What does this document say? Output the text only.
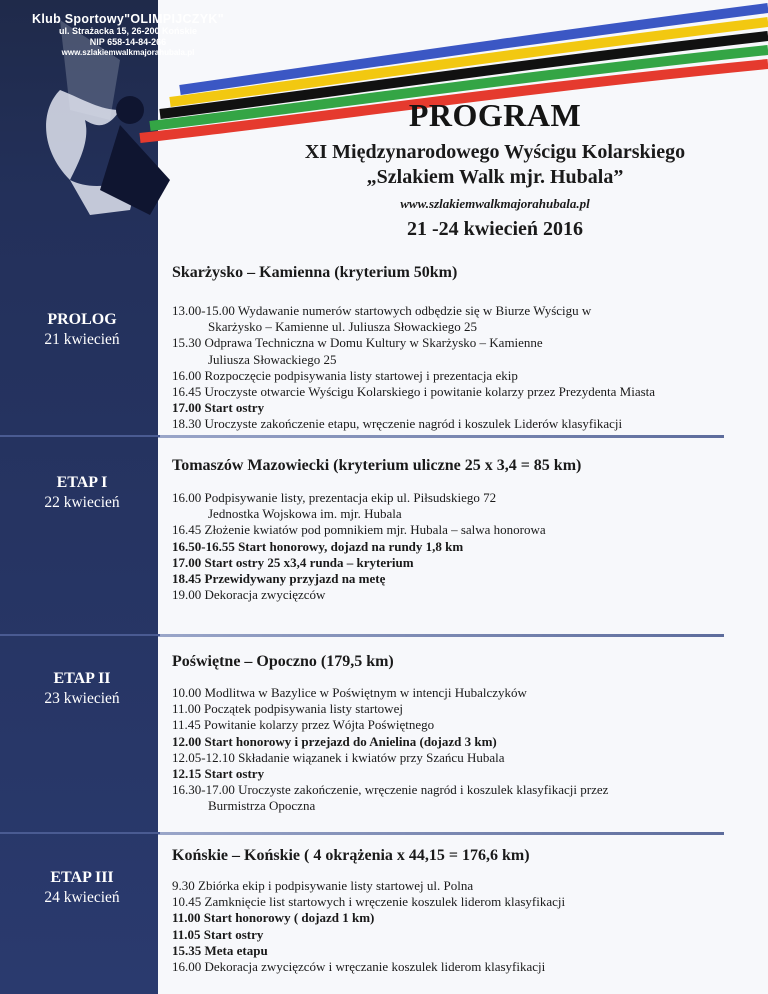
Klub Sportowy"OLIMPIJCZYK"
ul. Strażacka 15, 26-200 Końskie
NIP 658-14-84-266
www.szlakiemwalkmajorahubala.pl
PROGRAM
XI Międzynarodowego Wyścigu Kolarskiego
„Szlakiem Walk mjr. Hubala”
www.szlakiemwalkmajorahubala.pl
21 -24 kwiecień 2016
Skarżysko – Kamienna (kryterium 50km)
PROLOG
21 kwiecień
13.00-15.00 Wydawanie numerów startowych odbędzie się w Biurze Wyścigu w
Skarżysko – Kamienne ul. Juliusza Słowackiego 25
15.30 Odprawa Techniczna w Domu Kultury w Skarżysko – Kamienne
Juliusza Słowackiego 25
16.00 Rozpoczęcie podpisywania listy startowej i prezentacja ekip
16.45 Uroczyste otwarcie Wyścigu Kolarskiego i powitanie kolarzy przez Prezydenta Miasta
17.00 Start ostry
18.30 Uroczyste zakończenie etapu, wręczenie nagród i koszulek Liderów klasyfikacji
Tomaszów Mazowiecki (kryterium uliczne 25 x 3,4 = 85 km)
ETAP I
22 kwiecień	16.00 Podpisywanie listy, prezentacja ekip ul. Piłsudskiego 72
Jednostka Wojskowa im. mjr. Hubala
16.45 Złożenie kwiatów pod pomnikiem mjr. Hubala – salwa honorowa
16.50-16.55 Start honorowy, dojazd na rundy 1,8 km
17.00 Start ostry 25 x3,4 runda – kryterium
18.45 Przewidywany przyjazd na metę
19.00 Dekoracja zwycięzców
Poświętne – Opoczno (179,5 km)
ETAP II
23 kwiecień	10.00 Modlitwa w Bazylice w Poświętnym w intencji Hubalczyków
11.00 Początek podpisywania listy startowej
11.45 Powitanie kolarzy przez Wójta Poświętnego
12.00 Start honorowy i przejazd do Anielina (dojazd 3 km)
12.05-12.10 Składanie wiązanek i kwiatów przy Szańcu Hubala
12.15 Start ostry
16.30-17.00 Uroczyste zakończenie, wręczenie nagród i koszulek klasyfikacji przez
Burmistrza Opoczna
Końskie – Końskie ( 4 okrążenia x 44,15 = 176,6 km)
ETAP III
24 kwiecień
9.30 Zbiórka ekip i podpisywanie listy startowej ul. Polna
10.45 Zamknięcie list startowych i wręczenie koszulek liderom klasyfikacji
11.00 Start honorowy ( dojazd 1 km)
11.05 Start ostry
15.35 Meta etapu
16.00 Dekoracja zwycięzców i wręczanie koszulek liderom klasyfikacji
